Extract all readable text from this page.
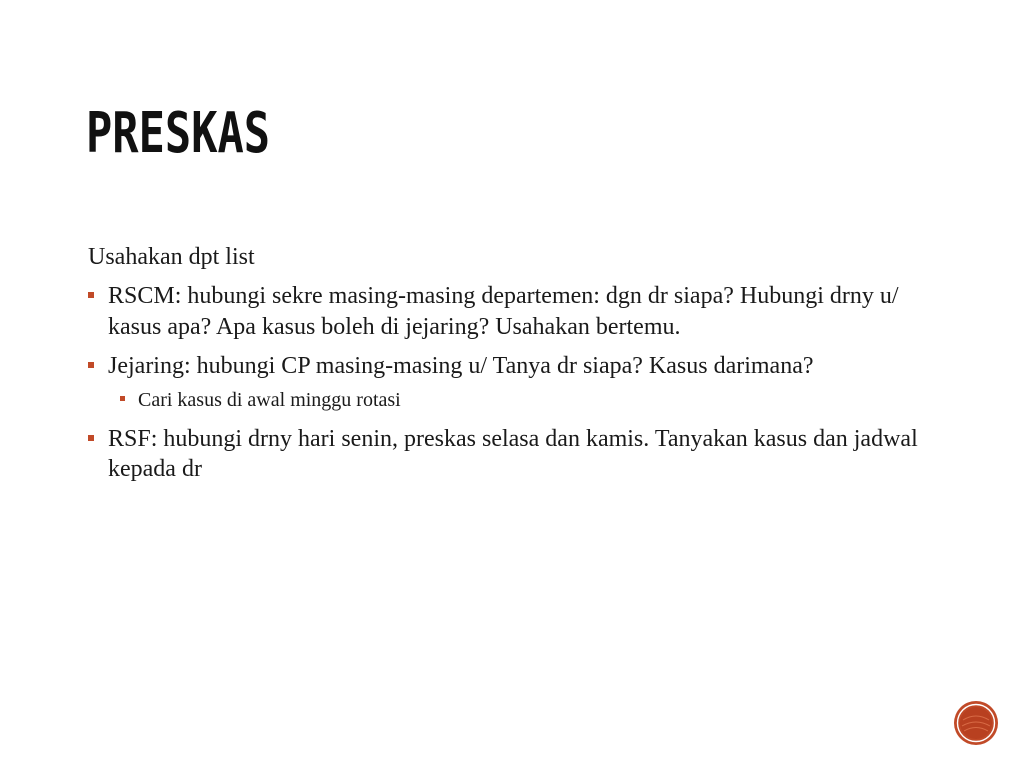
PRESKAS

Usahakan dpt list

RSCM: hubungi sekre masing-masing departemen: dgn dr siapa? Hubungi drny u/ kasus apa? Apa kasus boleh di jejaring? Usahakan bertemu.
Jejaring: hubungi CP masing-masing u/ Tanya dr siapa? Kasus darimana?
Cari kasus di awal minggu rotasi
RSF: hubungi drny hari senin, preskas selasa dan kamis. Tanyakan kasus dan jadwal kepada dr
